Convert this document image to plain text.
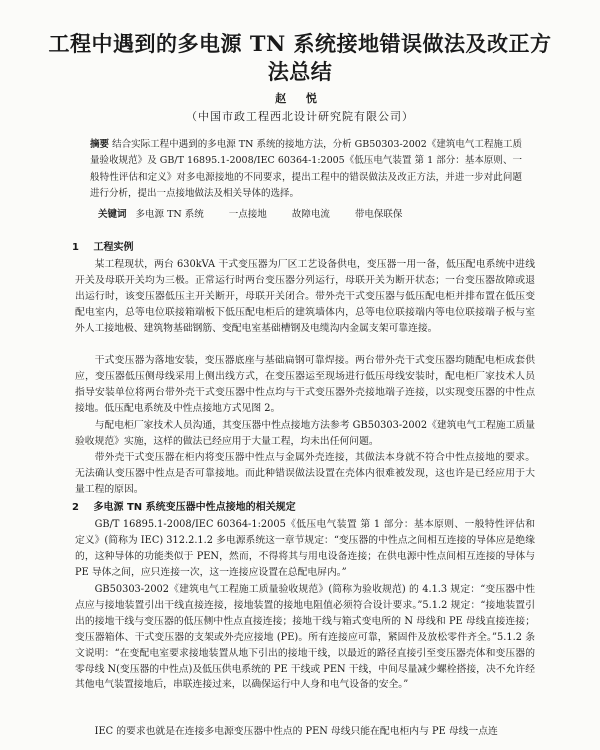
工程中遇到的多电源 TN 系统接地错误做法及改正方法总结
赵 悦
（中国市政工程西北设计研究院有限公司）
摘要 结合实际工程中遇到的多电源 TN 系统的接地方法，分析 GB50303-2002《建筑电气工程施工质量验收规范》及 GB/T 16895.1-2008/IEC 60364-1:2005《低压电气装置 第 1 部分：基本原则、一般特性评估和定义》对多电源接地的不同要求，提出工程中的错误做法及改正方法，并进一步对此问题进行分析，提出一点接地做法及相关导体的选择。
关键词 多电源 TN 系统	一点接地	故障电流	带电保联保
1 工程实例

某工程现状，两台 630kVA 干式变压器为厂区工艺设备供电，变压器一用一备，低压配电系统中进线开关及母联开关均为三极。正常运行时两台变压器分列运行，母联开关为断开状态；一台变压器故障或退出运行时，该变压器低压主开关断开，母联开关闭合。带外壳干式变压器与低压配电柜并排布置在低压变配电室内，总等电位联接箱端板下低压配电柜后的建筑墙体内，总等电位联接端内等电位联接端子板与室外人工接地极、建筑物基础钢筋、变配电室基础槽钢及电缆沟内金属支架可靠连接。

干式变压器为落地安装，变压器底座与基础扁钢可靠焊接。两台带外壳干式变压器均随配电柜成套供应，变压器低压侧母线采用上侧出线方式，在变压器运至现场进行低压母线安装时，配电柜厂家技术人员指导安装单位将两台带外壳干式变压器中性点均与干式变压器外壳接地端子连接，以实现变压器的中性点接地。低压配电系统及中性点接地方式见图 2。

与配电柜厂家技术人员沟通，其变压器中性点接地方法参考 GB50303-2002《建筑电气工程施工质量验收规范》实施，这样的做法已经应用于大量工程，均未出任何问题。

带外壳干式变压器在柜内将变压器中性点与金属外壳连接，其做法本身就不符合中性点接地的要求。无法确认变压器中性点是否可靠接地。而此种错误做法设置在壳体内很难被发现，这也许是已经应用于大量工程的原因。

2 多电源 TN 系统变压器中性点接地的相关规定

GB/T 16895.1-2008/IEC 60364-1:2005《低压电气装置 第 1 部分：基本原则、一般特性评估和定义》(简称为 IEC) 312.2.1.2 多电源系统这一章节规定：“变压器的中性点之间相互连接的导体应是绝缘的，这种导体的功能类似于 PEN，然而，不得将其与用电设备连接；在供电源中性点间相互连接的导体与 PE 导体之间，应只连接一次，这一连接应设置在总配电屏内。”

GB50303-2002《建筑电气工程施工质量验收规范》(简称为验收规范) 的 4.1.3 规定：“变压器中性点应与接地装置引出干线直接连接，接地装置的接地电阻值必须符合设计要求。”5.1.2 规定：“接地装置引出的接地干线与变压器的低压侧中性点直接连接；接地干线与箱式变电所的 N 母线和 PE 母线直接连接；变压器箱体、干式变压器的支架或外壳应接地 (PE)。所有连接应可靠，紧固件及放松零件齐全。”5.1.2 条文说明：“在变配电室要求接地装置从地下引出的接地干线，以最近的路径直接引至变压器壳体和变压器的零母线 N(变压器的中性点)及低压供电系统的 PE 干线或 PEN 干线，中间尽量减少螺栓搭接，决不允许经其他电气装置接地后，串联连接过来，以确保运行中人身和电气设备的安全。”

IEC 的要求也就是在连接多电源变压器中性点的 PEN 母线只能在配电柜内与 PE 母线一点连
